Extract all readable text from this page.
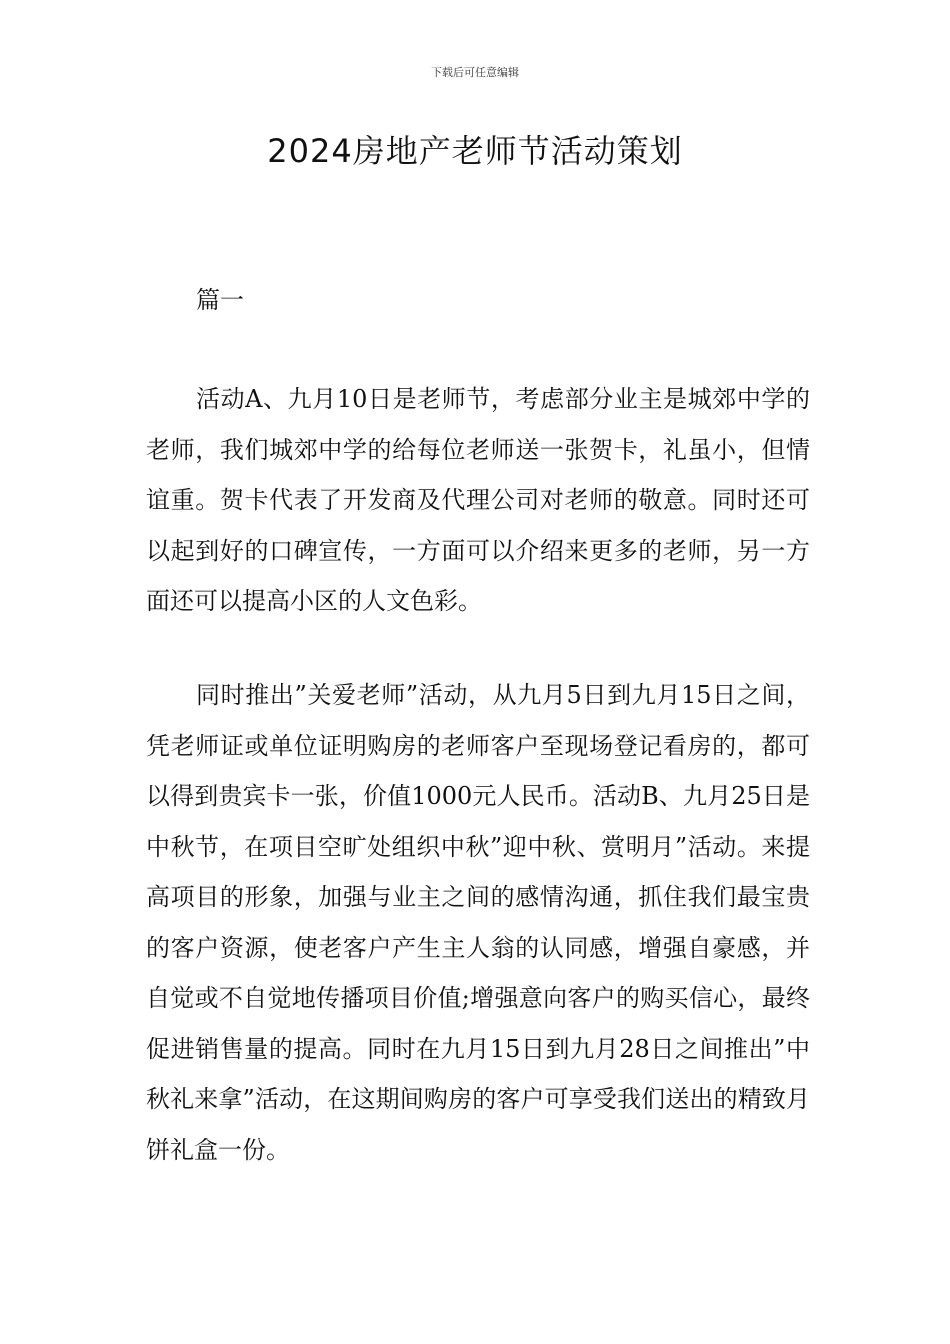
下载后可任意编辑
2024房地产老师节活动策划

篇一

活动A、九月10日是老师节，考虑部分业主是城郊中学的老师，我们城郊中学的给每位老师送一张贺卡，礼虽小，但情谊重。贺卡代表了开发商及代理公司对老师的敬意。同时还可以起到好的口碑宣传，一方面可以介绍来更多的老师，另一方面还可以提高小区的人文色彩。

同时推出”关爱老师”活动，从九月5日到九月15日之间，凭老师证或单位证明购房的老师客户至现场登记看房的，都可以得到贵宾卡一张，价值1000元人民币。活动B、九月25日是中秋节，在项目空旷处组织中秋”迎中秋、赏明月”活动。来提高项目的形象，加强与业主之间的感情沟通，抓住我们最宝贵的客户资源，使老客户产生主人翁的认同感，增强自豪感，并自觉或不自觉地传播项目价值;增强意向客户的购买信心，最终促进销售量的提高。同时在九月15日到九月28日之间推出”中秋礼来拿”活动，在这期间购房的客户可享受我们送出的精致月饼礼盒一份。
